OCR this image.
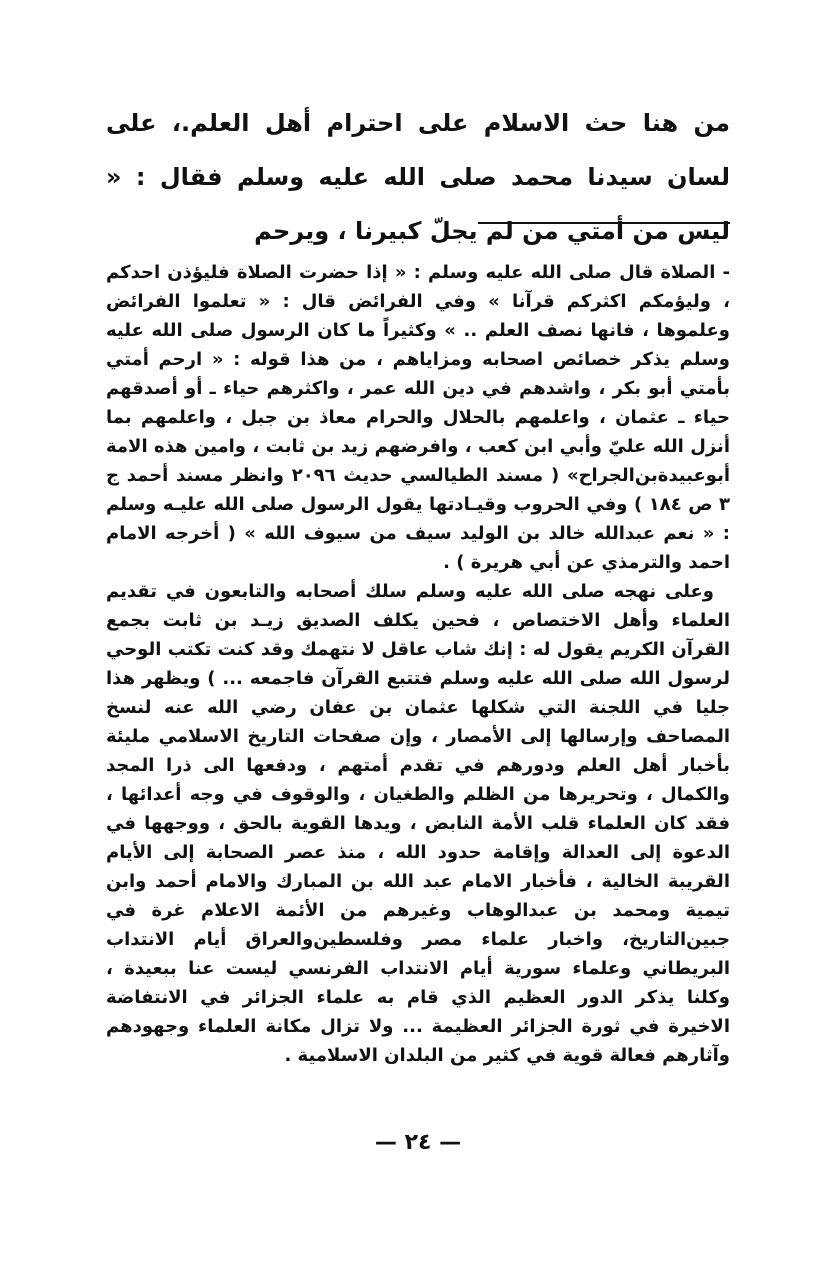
من هنا حث الاسلام على احترام أهل العلم.، على لسان سيدنا محمد صلى الله عليه وسلم فقال : « ليس من أمتي من لم يجلّ كبيرنا ، ويرحم

- الصلاة قال صلى الله عليه وسلم : « إذا حضرت الصلاة فليؤذن احدكم ، وليؤمكم اكثركم قرآنا » وفي الفرائض قال : « تعلموا الفرائض وعلموها ، فانها نصف العلم .. » وكثيراً ما كان الرسول صلى الله عليه وسلم يذكر خصائص اصحابه ومزاياهم ، من هذا قوله : « ارحم أمتي بأمتي أبو بكر ، واشدهم في دين الله عمر ، واكثرهم حياء ـ أو أصدقهم حياء ـ عثمان ، واعلمهم بالحلال والحرام معاذ بن جبل ، واعلمهم بما أنزل الله عليّ وأبي ابن كعب ، وافرضهم زيد بن ثابت ، وامين هذه الامة أبوعبيدةبن‌الجراح» ( مسند الطيالسي حديث ٢٠٩٦ وانظر مسند أحمد ج ٣ ص ١٨٤ ) وفي الحروب وقيـادتها يقول الرسول صلى الله عليـه وسلم : « نعم عبدالله خالد بن الوليد سيف من سيوف الله » ( أخرجه الامام احمد والترمذي عن أبي هريرة ) .

وعلى نهجه صلى الله عليه وسلم سلك أصحابه والتابعون في تقديم العلماء وأهل الاختصاص ، فحين يكلف الصديق زيـد بن ثابت بجمع القرآن الكريم يقول له : إنك شاب عاقل لا نتهمك وقد كنت تكتب الوحي لرسول الله صلى الله عليه وسلم فتتبع القرآن فاجمعه ... ) ويظهر هذا جليا في اللجنة التي شكلها عثمان بن عفان رضي الله عنه لنسخ المصاحف وإرسالها إلى الأمصار ، وإن صفحات التاريخ الاسلامي مليئة بأخبار أهل العلم ودورهم في تقدم أمتهم ، ودفعها الى ذرا المجد والكمال ، وتحريرها من الظلم والطغيان ، والوقوف في وجه أعدائها ، فقد كان العلماء قلب الأمة النابض ، ويدها القوية بالحق ، ووجهها في الدعوة إلى العدالة وإقامة حدود الله ، منذ عصر الصحابة إلى الأيام القريبة الخالية ، فأخبار الامام عبد الله بن المبارك والامام أحمد وابن تيمية ومحمد بن عبدالوهاب وغيرهم من الأئمة الاعلام غرة في جبين‌التاريخ، واخبار علماء مصر وفلسطين‌والعراق أيام الانتداب البريطاني وعلماء سورية أيام الانتداب الفرنسي ليست عنا ببعيدة ، وكلنا يذكر الدور العظيم الذي قام به علماء الجزائر في الانتفاضة الاخيرة في ثورة الجزائر العظيمة ... ولا تزال مكانة العلماء وجهودهم وآثارهم فعالة قوية في كثير من البلدان الاسلامية .

— ٢٤ —
